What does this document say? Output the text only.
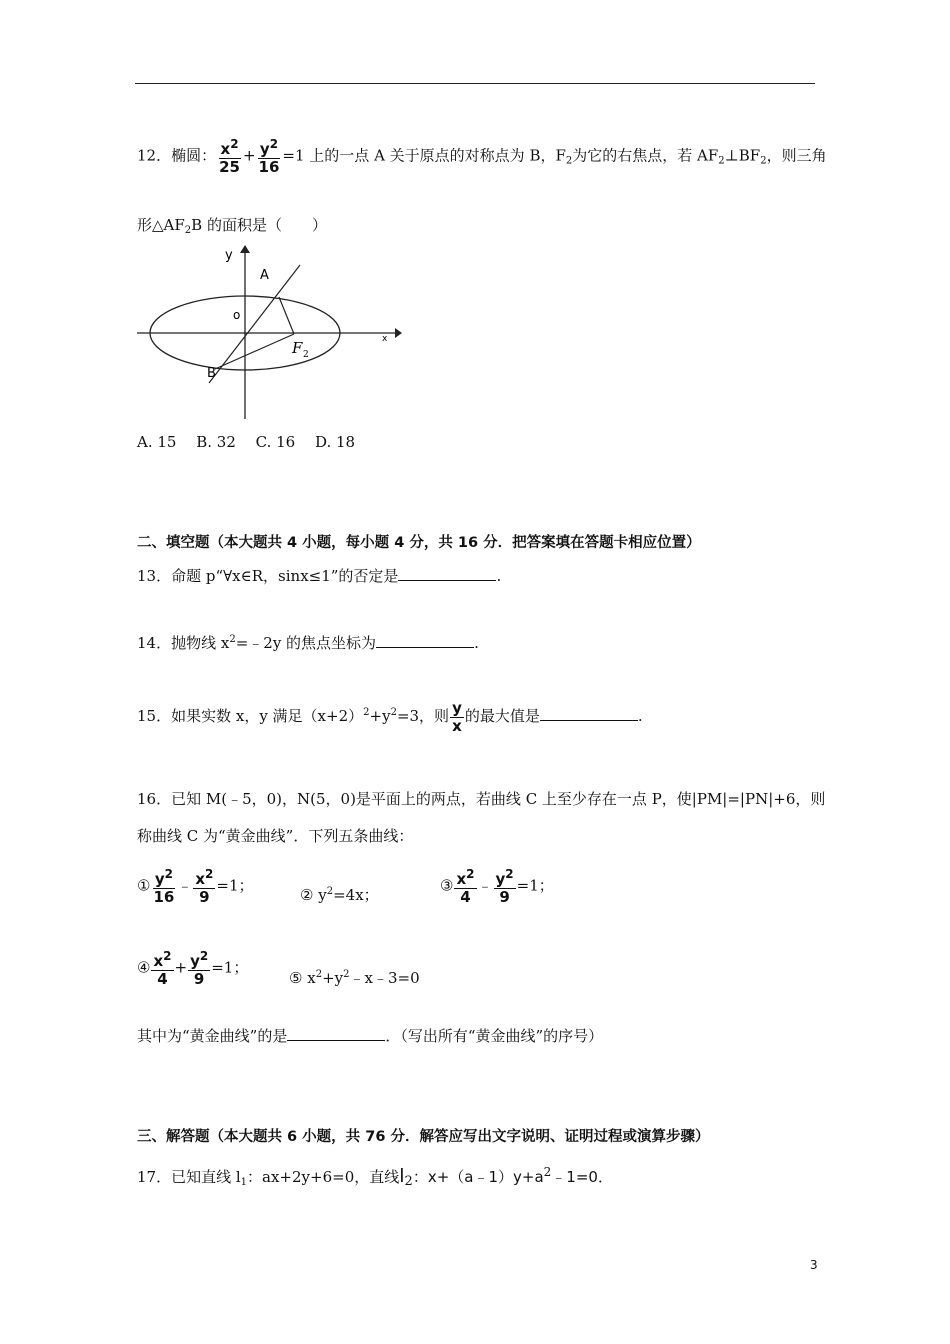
12．椭圆： $\frac{x^2}{25} + \frac{y^2}{16} =1$ 上的一点 A 关于原点的对称点为 B，$F_2$为它的右焦点，若 $AF_2\perp BF_2$，则三角
形$\triangle AF_2B$ 的面积是（　　）
y
x
A
o
B
F 2
A. 15　 B. 32　 C. 16　 D. 18
二、填空题（本大题共 4 小题，每小题 4 分，共 16 分．把答案填在答题卡相应位置）
13．命题 p“∀x∈R，sinx≤1”的否定是	.
14．抛物线 $x^2=﹣2y$ 的焦点坐标为	.
15．如果实数 x，y 满足$(x+2)^2+y^2=3$，则 $\frac{y}{x}$ 的最大值是	.
16．已知 M(﹣5，0)，N(5，0)是平面上的两点，若曲线 C 上至少存在一点 P，使|PM|=|PN|+6，则
称曲线 C 为“黄金曲线”．下列五条曲线：
① $\frac{y^2}{16}$ ﹣ $\frac{x^2}{9} =1$；
② $y^2=4x$；
③ $\frac{x^2}{4}$ ﹣ $\frac{y^2}{9} =1$；
④ $\frac{x^2}{4} + \frac{y^2}{9} =1$；
⑤ $x^2+y^2﹣x﹣3=0$
其中为“黄金曲线”的是	．（写出所有“黄金曲线”的序号）
三、解答题（本大题共 6 小题，共 76 分．解答应写出文字说明、证明过程或演算步骤）
17．已知直线 $l_1$：ax+2y+6=0，直线l2：$x+(a﹣1)y+a^2﹣1=0$．
3
